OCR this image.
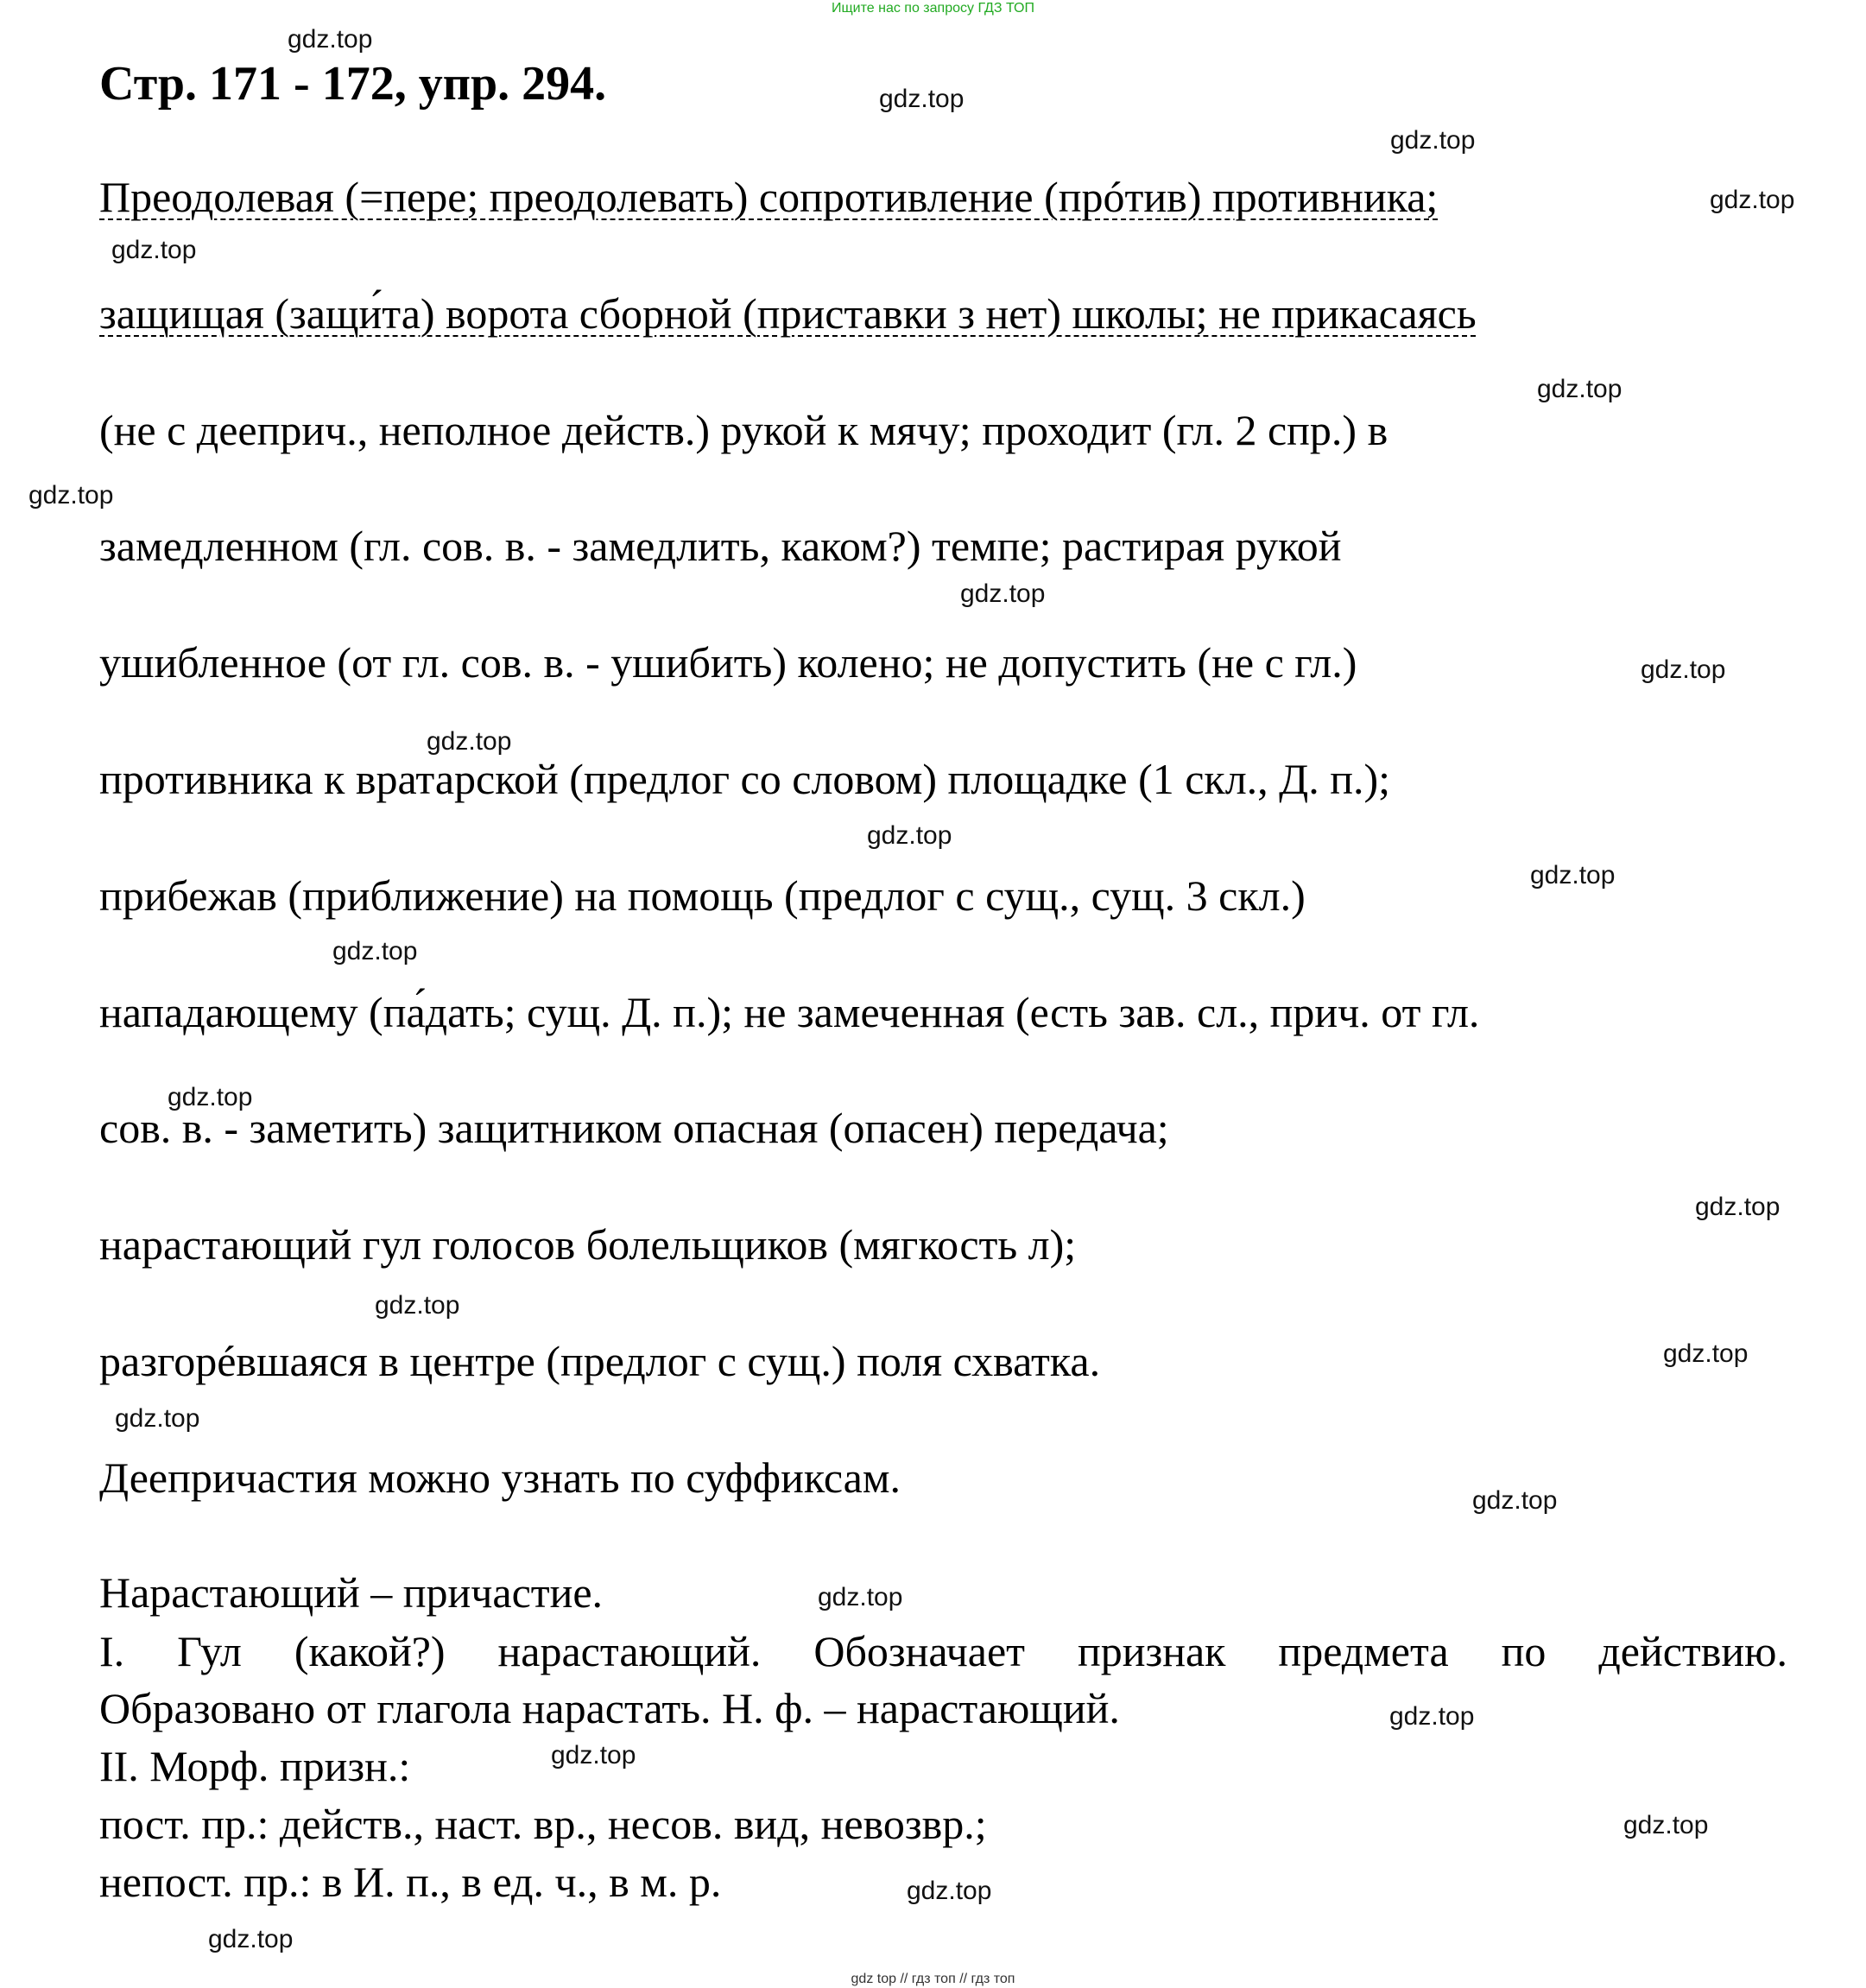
Ищите нас по запросу ГДЗ ТОП
Стр. 171 - 172, упр. 294.

Преодолевая (=пере; преодолевать) сопротивление (прóтив) противника;

защищая (защи́та) ворота сборной (приставки з нет) школы; не прикасаясь

(не с дееприч., неполное действ.) рукой к мячу; проходит (гл. 2 спр.) в

замедленном (гл. сов. в. - замедлить, каком?) темпе; растирая рукой

ушибленное (от гл. сов. в. - ушибить) колено; не допустить (не с гл.)

противника к вратарской (предлог со словом) площадке (1 скл., Д. п.);

прибежав (приближение) на помощь (предлог с сущ., сущ. 3 скл.)

нападающему (па́дать; сущ. Д. п.); не замеченная (есть зав. сл., прич. от гл.

сов. в. - заметить) защитником опасная (опасен) передача;

нарастающий гул голосов болельщиков (мягкость л);

разгорéвшаяся в центре (предлог с сущ.) поля схватка.

Деепричастия можно узнать по суффиксам.

Нарастающий – причастие.

I. Гул (какой?) нарастающий. Обозначает признак предмета по действию.

Образовано от глагола нарастать. Н. ф. – нарастающий.

II. Морф. призн.:

пост. пр.: действ., наст. вр., несов. вид, невозвр.;

непост. пр.: в И. п., в ед. ч., в м. р.

gdz.top
gdz.top
gdz.top
gdz.top
gdz.top
gdz.top
gdz.top
gdz.top
gdz.top
gdz.top
gdz.top
gdz.top
gdz.top
gdz.top
gdz.top
gdz.top
gdz.top
gdz.top
gdz.top
gdz.top
gdz.top
gdz.top
gdz.top
gdz.top
gdz.top
gdz top // гдз топ // гдз топ
